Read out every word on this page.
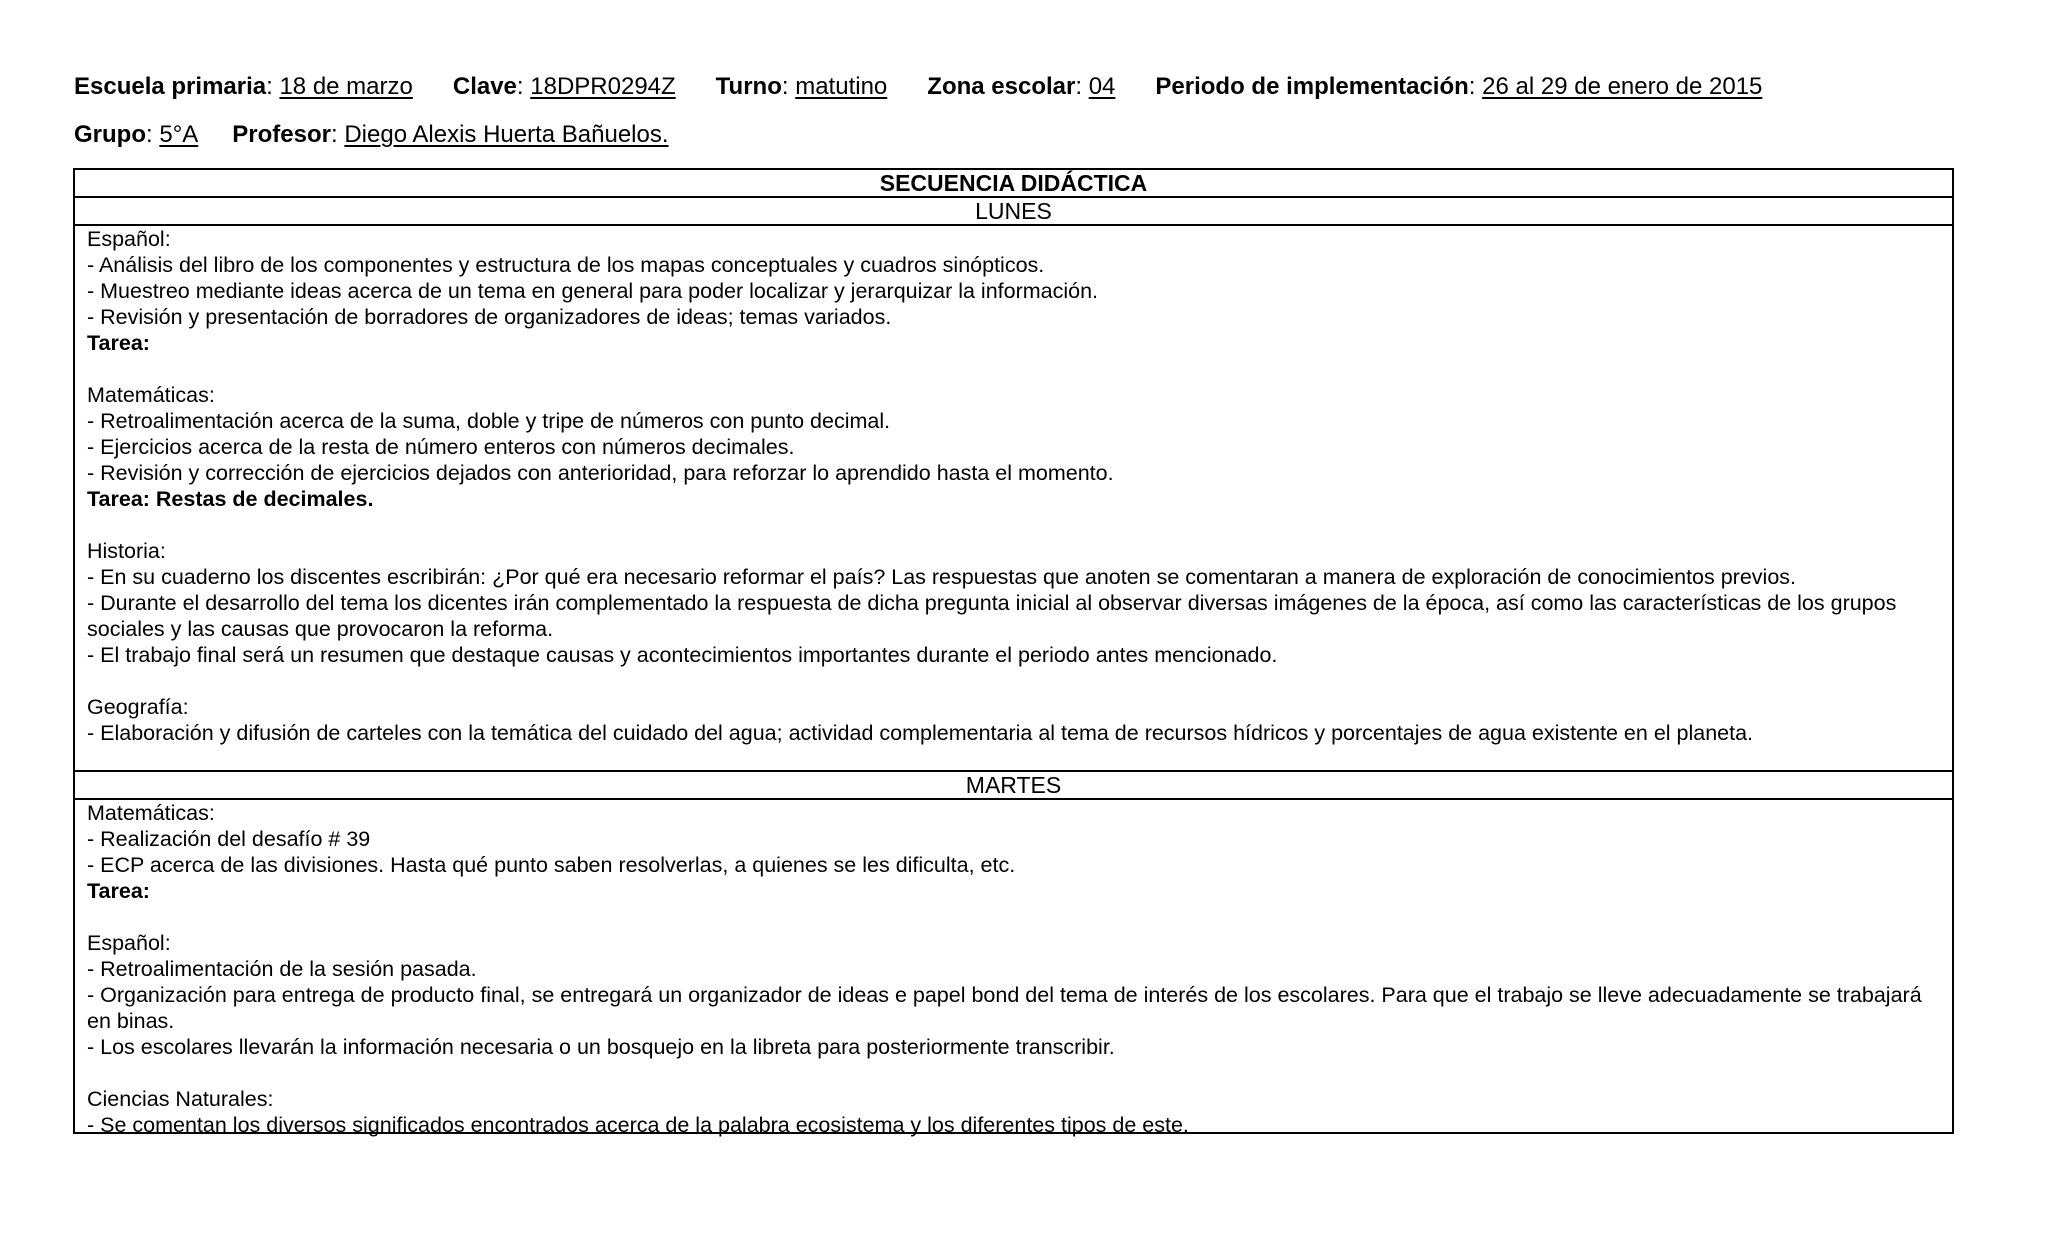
Escuela primaria: 18 de marzo Clave: 18DPR0294Z Turno: matutino Zona escolar: 04 Periodo de implementación: 26 al 29 de enero de 2015
Grupo: 5°A Profesor: Diego Alexis Huerta Bañuelos.
SECUENCIA DIDÁCTICA
LUNES

Español:

- Análisis del libro de los componentes y estructura de los mapas conceptuales y cuadros sinópticos.

- Muestreo mediante ideas acerca de un tema en general para poder localizar y jerarquizar la información.

- Revisión y presentación de borradores de organizadores de ideas; temas variados.

Tarea:

Matemáticas:

- Retroalimentación acerca de la suma, doble y tripe de números con punto decimal.

- Ejercicios acerca de la resta de número enteros con números decimales.

- Revisión y corrección de ejercicios dejados con anterioridad, para reforzar lo aprendido hasta el momento.

Tarea: Restas de decimales.

Historia:

- En su cuaderno los discentes escribirán: ¿Por qué era necesario reformar el país? Las respuestas que anoten se comentaran a manera de exploración de conocimientos previos.

- Durante el desarrollo del tema los dicentes irán complementado la respuesta de dicha pregunta inicial al observar diversas imágenes de la época, así como las características de los grupos sociales y las causas que provocaron la reforma.

- El trabajo final será un resumen que destaque causas y acontecimientos importantes durante el periodo antes mencionado.

Geografía:

- Elaboración y difusión de carteles con la temática del cuidado del agua; actividad complementaria al tema de recursos hídricos y porcentajes de agua existente en el planeta.

MARTES

Matemáticas:

- Realización del desafío # 39

- ECP acerca de las divisiones. Hasta qué punto saben resolverlas, a quienes se les dificulta, etc.

Tarea:

Español:

- Retroalimentación de la sesión pasada.

- Organización para entrega de producto final, se entregará un organizador de ideas e papel bond del tema de interés de los escolares. Para que el trabajo se lleve adecuadamente se trabajará en binas.

- Los escolares llevarán la información necesaria o un bosquejo en la libreta para posteriormente transcribir.

Ciencias Naturales:

- Se comentan los diversos significados encontrados acerca de la palabra ecosistema y los diferentes tipos de este.
